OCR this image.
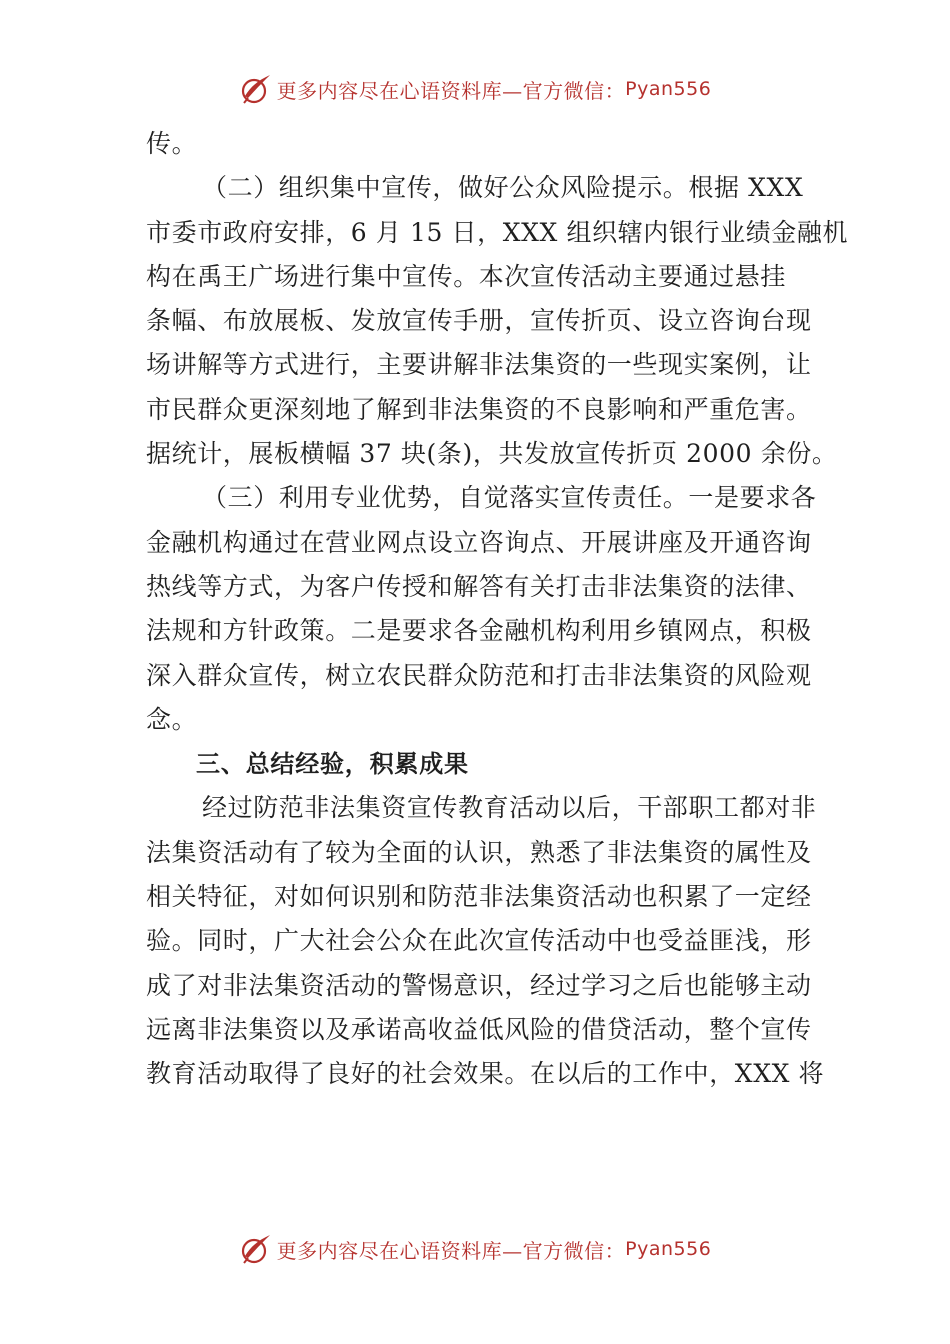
更多内容尽在心语资料库—官方微信： Pyan556
传。
（二）组织集中宣传，做好公众风险提示。根据 XXX
市委市政府安排，6 月 15 日，XXX 组织辖内银行业绩金融机
构在禹王广场进行集中宣传。本次宣传活动主要通过悬挂
条幅、布放展板、发放宣传手册，宣传折页、设立咨询台现
场讲解等方式进行，主要讲解非法集资的一些现实案例，让
市民群众更深刻地了解到非法集资的不良影响和严重危害。
据统计，展板横幅 37 块(条)，共发放宣传折页 2000 余份。
（三）利用专业优势，自觉落实宣传责任。一是要求各
金融机构通过在营业网点设立咨询点、开展讲座及开通咨询
热线等方式，为客户传授和解答有关打击非法集资的法律、
法规和方针政策。二是要求各金融机构利用乡镇网点，积极
深入群众宣传，树立农民群众防范和打击非法集资的风险观
念。
三、总结经验，积累成果
经过防范非法集资宣传教育活动以后，干部职工都对非
法集资活动有了较为全面的认识，熟悉了非法集资的属性及
相关特征，对如何识别和防范非法集资活动也积累了一定经
验。同时，广大社会公众在此次宣传活动中也受益匪浅，形
成了对非法集资活动的警惕意识，经过学习之后也能够主动
远离非法集资以及承诺高收益低风险的借贷活动，整个宣传
教育活动取得了良好的社会效果。在以后的工作中，XXX 将
更多内容尽在心语资料库—官方微信： Pyan556
